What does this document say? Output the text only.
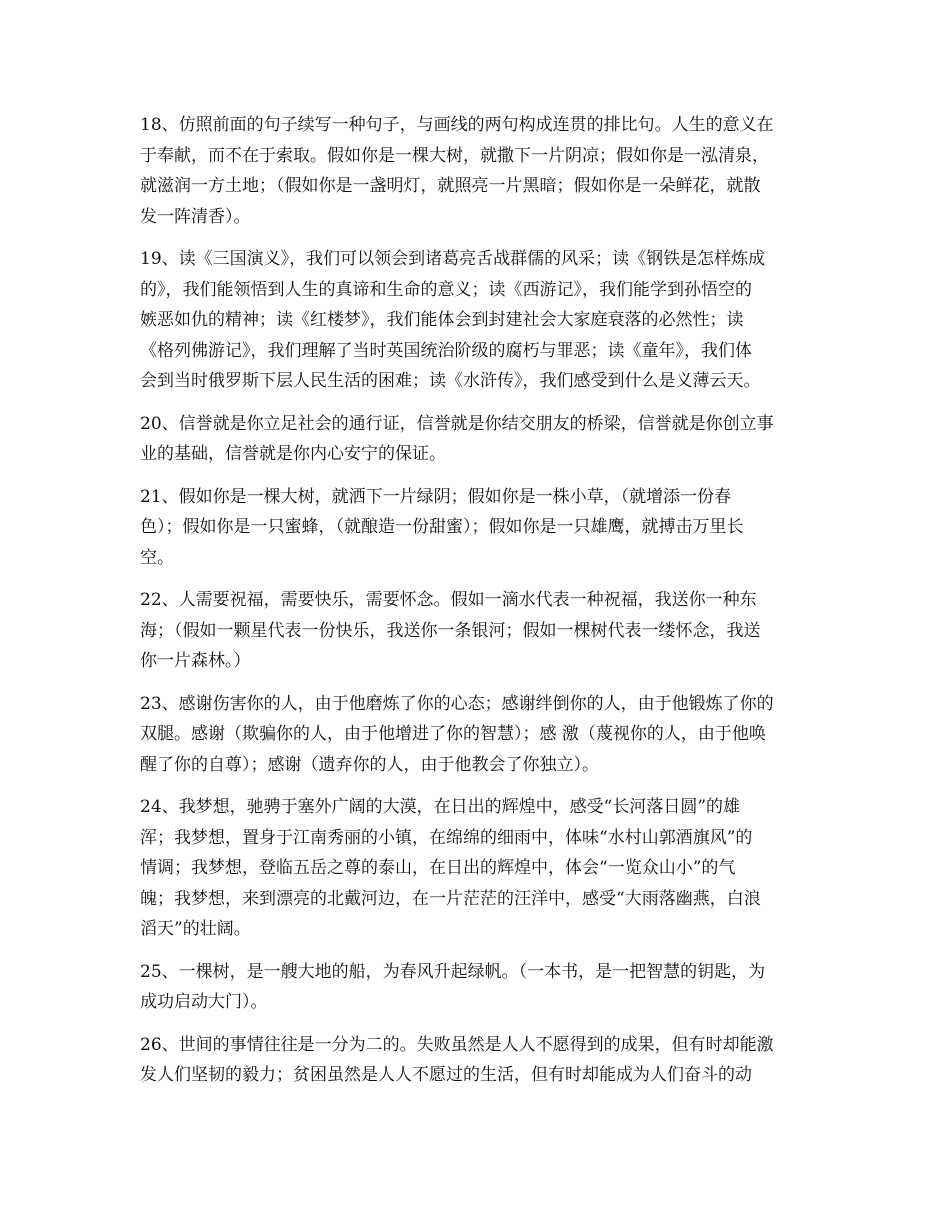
18、仿照前面的句子续写一种句子，与画线的两句构成连贯的排比句。人生的意义在
于奉献，而不在于索取。假如你是一棵大树，就撒下一片阴凉；假如你是一泓清泉，
就滋润一方土地；（假如你是一盏明灯，就照亮一片黑暗；假如你是一朵鲜花，就散
发一阵清香）。

19、读《三国演义》，我们可以领会到诸葛亮舌战群儒的风采；读《钢铁是怎样炼成
的》，我们能领悟到人生的真谛和生命的意义；读《西游记》，我们能学到孙悟空的
嫉恶如仇的精神；读《红楼梦》，我们能体会到封建社会大家庭衰落的必然性；读
《格列佛游记》，我们理解了当时英国统治阶级的腐朽与罪恶；读《童年》，我们体
会到当时俄罗斯下层人民生活的困难；读《水浒传》，我们感受到什么是义薄云天。

20、信誉就是你立足社会的通行证，信誉就是你结交朋友的桥梁，信誉就是你创立事
业的基础，信誉就是你内心安宁的保证。

21、假如你是一棵大树，就洒下一片绿阴；假如你是一株小草，（就增添一份春
色）；假如你是一只蜜蜂，（就酿造一份甜蜜）；假如你是一只雄鹰，就搏击万里长
空。

22、人需要祝福，需要快乐，需要怀念。假如一滴水代表一种祝福，我送你一种东
海；（假如一颗星代表一份快乐，我送你一条银河；假如一棵树代表一缕怀念，我送
你一片森林。）

23、感谢伤害你的人，由于他磨炼了你的心态；感谢绊倒你的人，由于他锻炼了你的
双腿。感谢（欺骗你的人，由于他增进了你的智慧）；感 激（蔑视你的人，由于他唤
醒了你的自尊）；感谢（遗弃你的人，由于他教会了你独立）。

24、我梦想，驰骋于塞外广阔的大漠，在日出的辉煌中，感受“长河落日圆”的雄
浑；我梦想，置身于江南秀丽的小镇，在绵绵的细雨中，体味“水村山郭酒旗风”的
情调；我梦想，登临五岳之尊的泰山，在日出的辉煌中，体会“一览众山小”的气
魄；我梦想，来到漂亮的北戴河边，在一片茫茫的汪洋中，感受“大雨落幽燕，白浪
滔天”的壮阔。

25、一棵树，是一艘大地的船，为春风升起绿帆。（一本书，是一把智慧的钥匙，为
成功启动大门）。

26、世间的事情往往是一分为二的。失败虽然是人人不愿得到的成果，但有时却能激
发人们坚韧的毅力；贫困虽然是人人不愿过的生活，但有时却能成为人们奋斗的动
